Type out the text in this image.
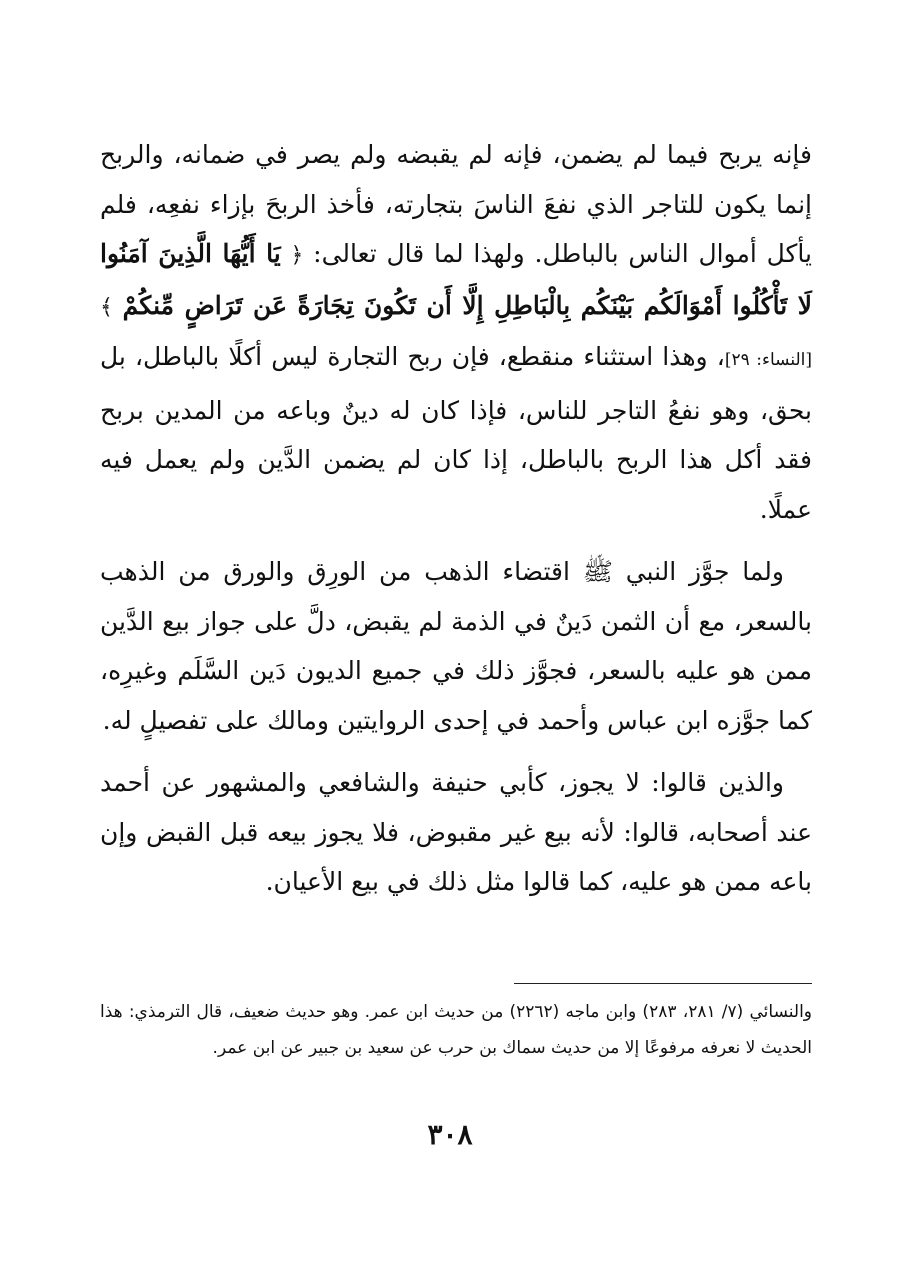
فإنه يربح فيما لم يضمن، فإنه لم يقبضه ولم يصر في ضمانه، والربح إنما يكون للتاجر الذي نفعَ الناسَ بتجارته، فأخذ الربحَ بإزاء نفعِه، فلم يأكل أموال الناس بالباطل. ولهذا لما قال تعالى: ﴿ يَا أَيُّهَا الَّذِينَ آمَنُوا لَا تَأْكُلُوا أَمْوَالَكُم بَيْنَكُم بِالْبَاطِلِ إِلَّا أَن تَكُونَ تِجَارَةً عَن تَرَاضٍ مِّنكُمْ ﴾ [النساء: ٢٩]، وهذا استثناء منقطع، فإن ربح التجارة ليس أكلًا بالباطل، بل بحق، وهو نفعُ التاجر للناس، فإذا كان له دينٌ وباعه من المدين بربح فقد أكل هذا الربح بالباطل، إذا كان لم يضمن الدَّين ولم يعمل فيه عملًا.

ولما جوَّز النبي ﷺ اقتضاء الذهب من الورِق والورق من الذهب بالسعر، مع أن الثمن دَينٌ في الذمة لم يقبض، دلَّ على جواز بيع الدَّين ممن هو عليه بالسعر، فجوَّز ذلك في جميع الديون دَين السَّلَم وغيرِه، كما جوَّزه ابن عباس وأحمد في إحدى الروايتين ومالك على تفصيلٍ له.

والذين قالوا: لا يجوز، كأبي حنيفة والشافعي والمشهور عن أحمد عند أصحابه، قالوا: لأنه بيع غير مقبوض، فلا يجوز بيعه قبل القبض وإن باعه ممن هو عليه، كما قالوا مثل ذلك في بيع الأعيان.

والنسائي (٧/ ٢٨١، ٢٨٣) وابن ماجه (٢٢٦٢) من حديث ابن عمر. وهو حديث ضعيف، قال الترمذي: هذا الحديث لا نعرفه مرفوعًا إلا من حديث سماك بن حرب عن سعيد بن جبير عن ابن عمر.

٣٠٨
